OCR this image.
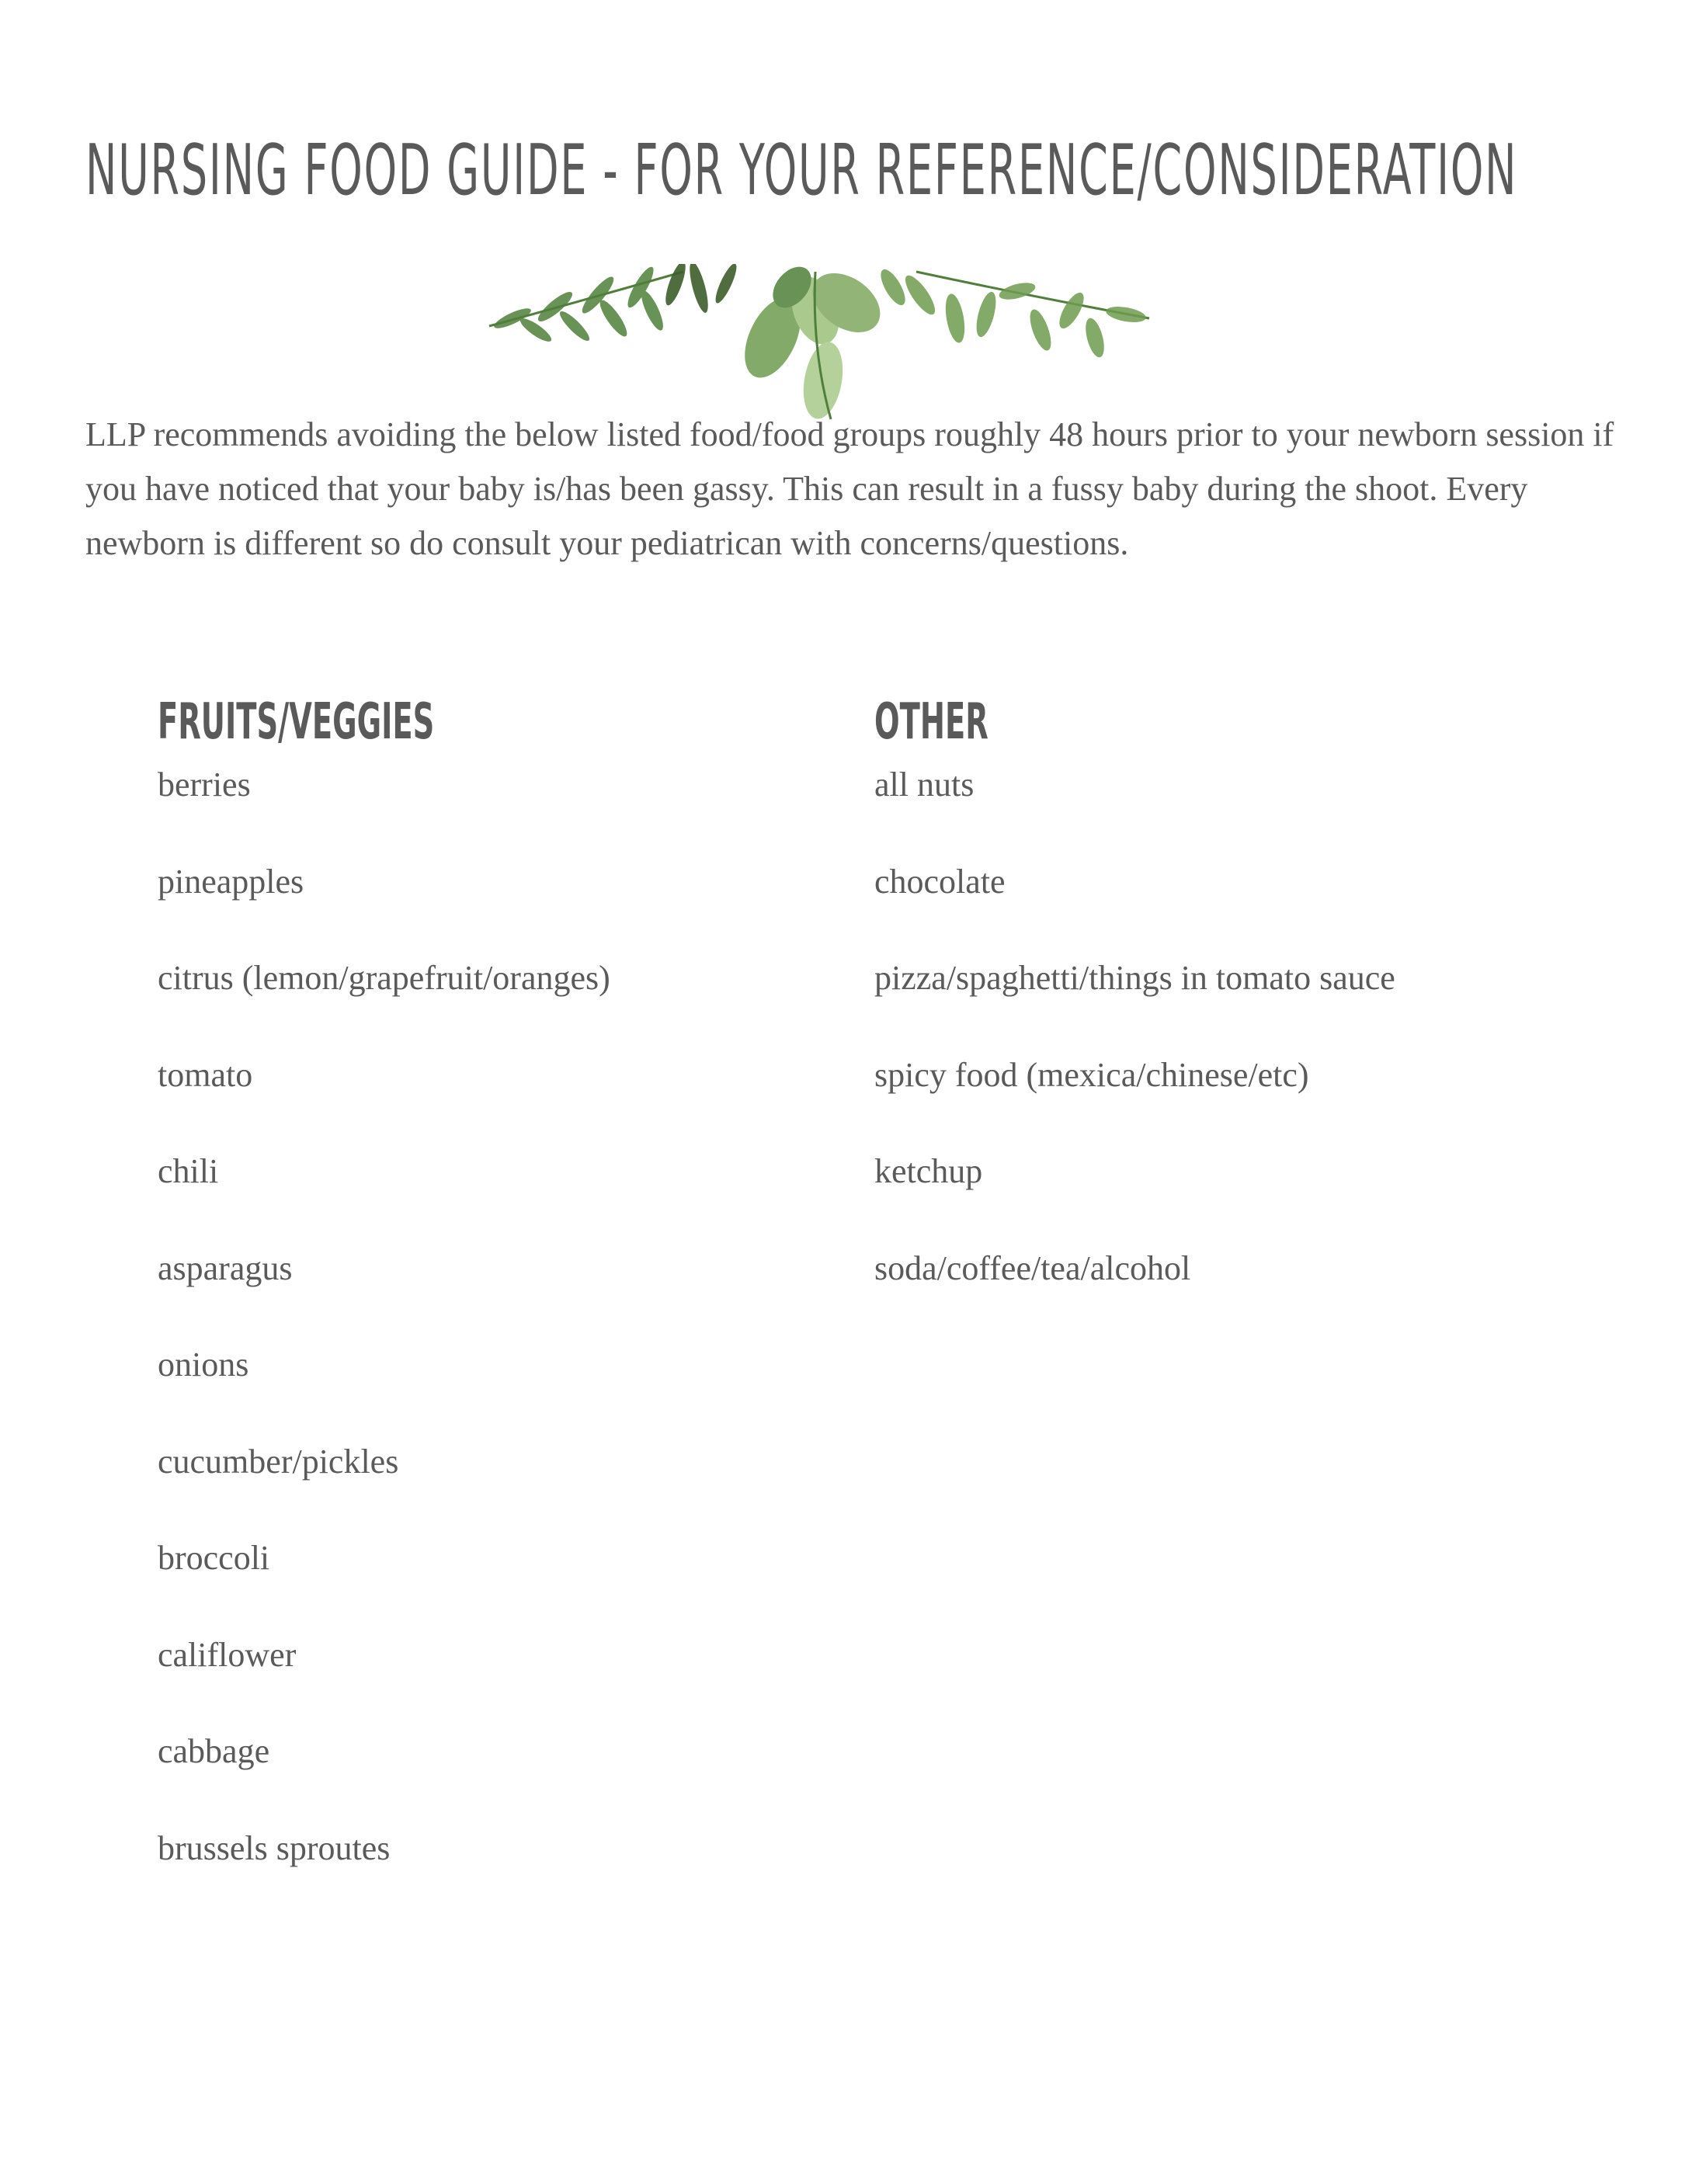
NURSING FOOD GUIDE - FOR YOUR REFERENCE/CONSIDERATION

LLP recommends avoiding the below listed food/food groups roughly 48 hours prior to your newborn session if you have noticed that your baby is/has been gassy. This can result in a fussy baby during the shoot. Every newborn is different so do consult your pediatrican with concerns/questions.

FRUITS/VEGGIES
berries
pineapples
citrus (lemon/grapefruit/oranges)
tomato
chili
asparagus
onions
cucumber/pickles
broccoli
califlower
cabbage
brussels sproutes
OTHER
all nuts
chocolate
pizza/spaghetti/things in tomato sauce
spicy food (mexica/chinese/etc)
ketchup
soda/coffee/tea/alcohol
